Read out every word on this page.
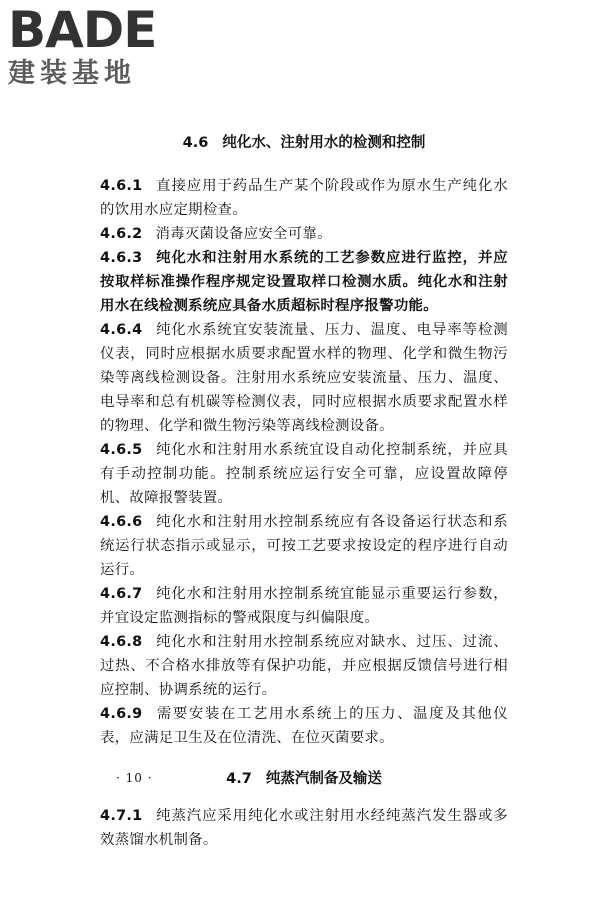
BADE
建装基地
4.6 纯化水、注射用水的检测和控制

4.6.1 直接应用于药品生产某个阶段或作为原水生产纯化水的饮用水应定期检查。

4.6.2 消毒灭菌设备应安全可靠。

4.6.3 纯化水和注射用水系统的工艺参数应进行监控，并应按取样标准操作程序规定设置取样口检测水质。纯化水和注射用水在线检测系统应具备水质超标时程序报警功能。

4.6.4 纯化水系统宜安装流量、压力、温度、电导率等检测仪表，同时应根据水质要求配置水样的物理、化学和微生物污染等离线检测设备。注射用水系统应安装流量、压力、温度、电导率和总有机碳等检测仪表，同时应根据水质要求配置水样的物理、化学和微生物污染等离线检测设备。

4.6.5 纯化水和注射用水系统宜设自动化控制系统，并应具有手动控制功能。控制系统应运行安全可靠，应设置故障停机、故障报警装置。

4.6.6 纯化水和注射用水控制系统应有各设备运行状态和系统运行状态指示或显示，可按工艺要求按设定的程序进行自动运行。

4.6.7 纯化水和注射用水控制系统宜能显示重要运行参数，并宜设定监测指标的警戒限度与纠偏限度。

4.6.8 纯化水和注射用水控制系统应对缺水、过压、过流、过热、不合格水排放等有保护功能，并应根据反馈信号进行相应控制、协调系统的运行。

4.6.9 需要安装在工艺用水系统上的压力、温度及其他仪表，应满足卫生及在位清洗、在位灭菌要求。

4.7 纯蒸汽制备及输送

4.7.1 纯蒸汽应采用纯化水或注射用水经纯蒸汽发生器或多效蒸馏水机制备。

· 10 ·
